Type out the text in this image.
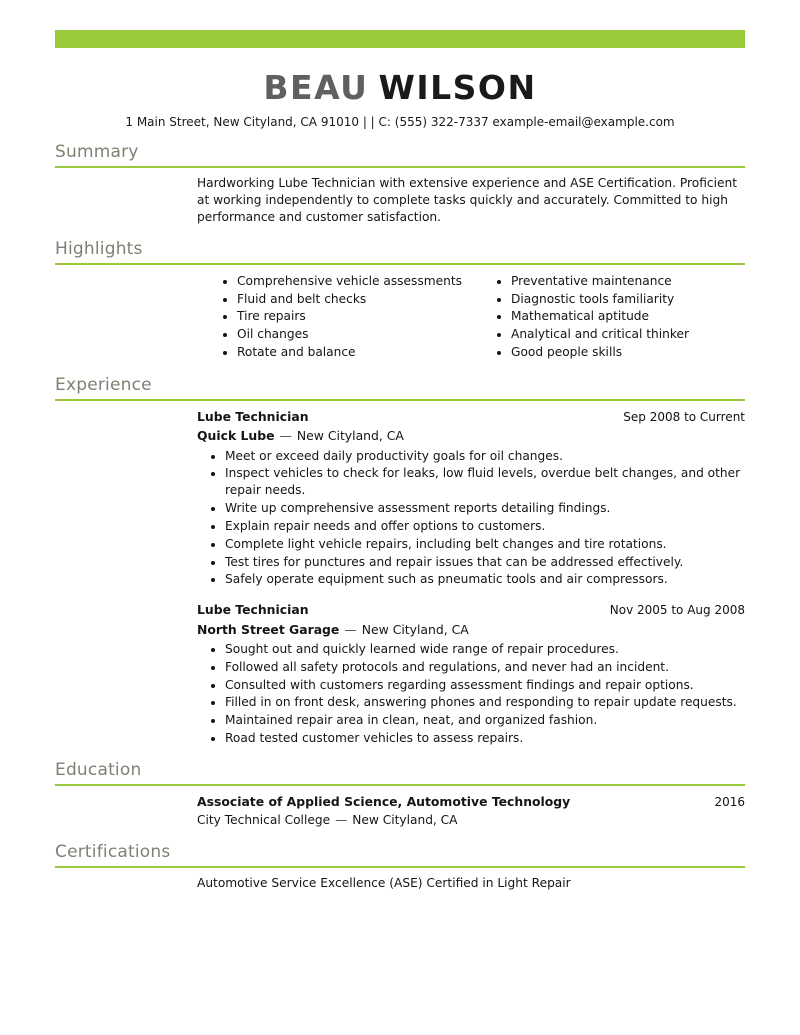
BEAU WILSON
1 Main Street, New Cityland, CA 91010 | | C: (555) 322-7337 example-email@example.com
Summary

Hardworking Lube Technician with extensive experience and ASE Certification. Proficient at working independently to complete tasks quickly and accurately. Committed to high performance and customer satisfaction.

Highlights
• Comprehensive vehicle assessments
• Fluid and belt checks
• Tire repairs
• Oil changes
• Rotate and balance
• Preventative maintenance
• Diagnostic tools familiarity
• Mathematical aptitude
• Analytical and critical thinker
• Good people skills
Experience
Lube Technician	Sep 2008 to Current
Quick Lube — New Cityland, CA
• Meet or exceed daily productivity goals for oil changes.
• Inspect vehicles to check for leaks, low fluid levels, overdue belt changes, and other repair needs.
• Write up comprehensive assessment reports detailing findings.
• Explain repair needs and offer options to customers.
• Complete light vehicle repairs, including belt changes and tire rotations.
• Test tires for punctures and repair issues that can be addressed effectively.
• Safely operate equipment such as pneumatic tools and air compressors.
Lube Technician	Nov 2005 to Aug 2008
North Street Garage — New Cityland, CA
• Sought out and quickly learned wide range of repair procedures.
• Followed all safety protocols and regulations, and never had an incident.
• Consulted with customers regarding assessment findings and repair options.
• Filled in on front desk, answering phones and responding to repair update requests.
• Maintained repair area in clean, neat, and organized fashion.
• Road tested customer vehicles to assess repairs.
Education
Associate of Applied Science, Automotive Technology	2016
City Technical College — New Cityland, CA
Certifications

Automotive Service Excellence (ASE) Certified in Light Repair
